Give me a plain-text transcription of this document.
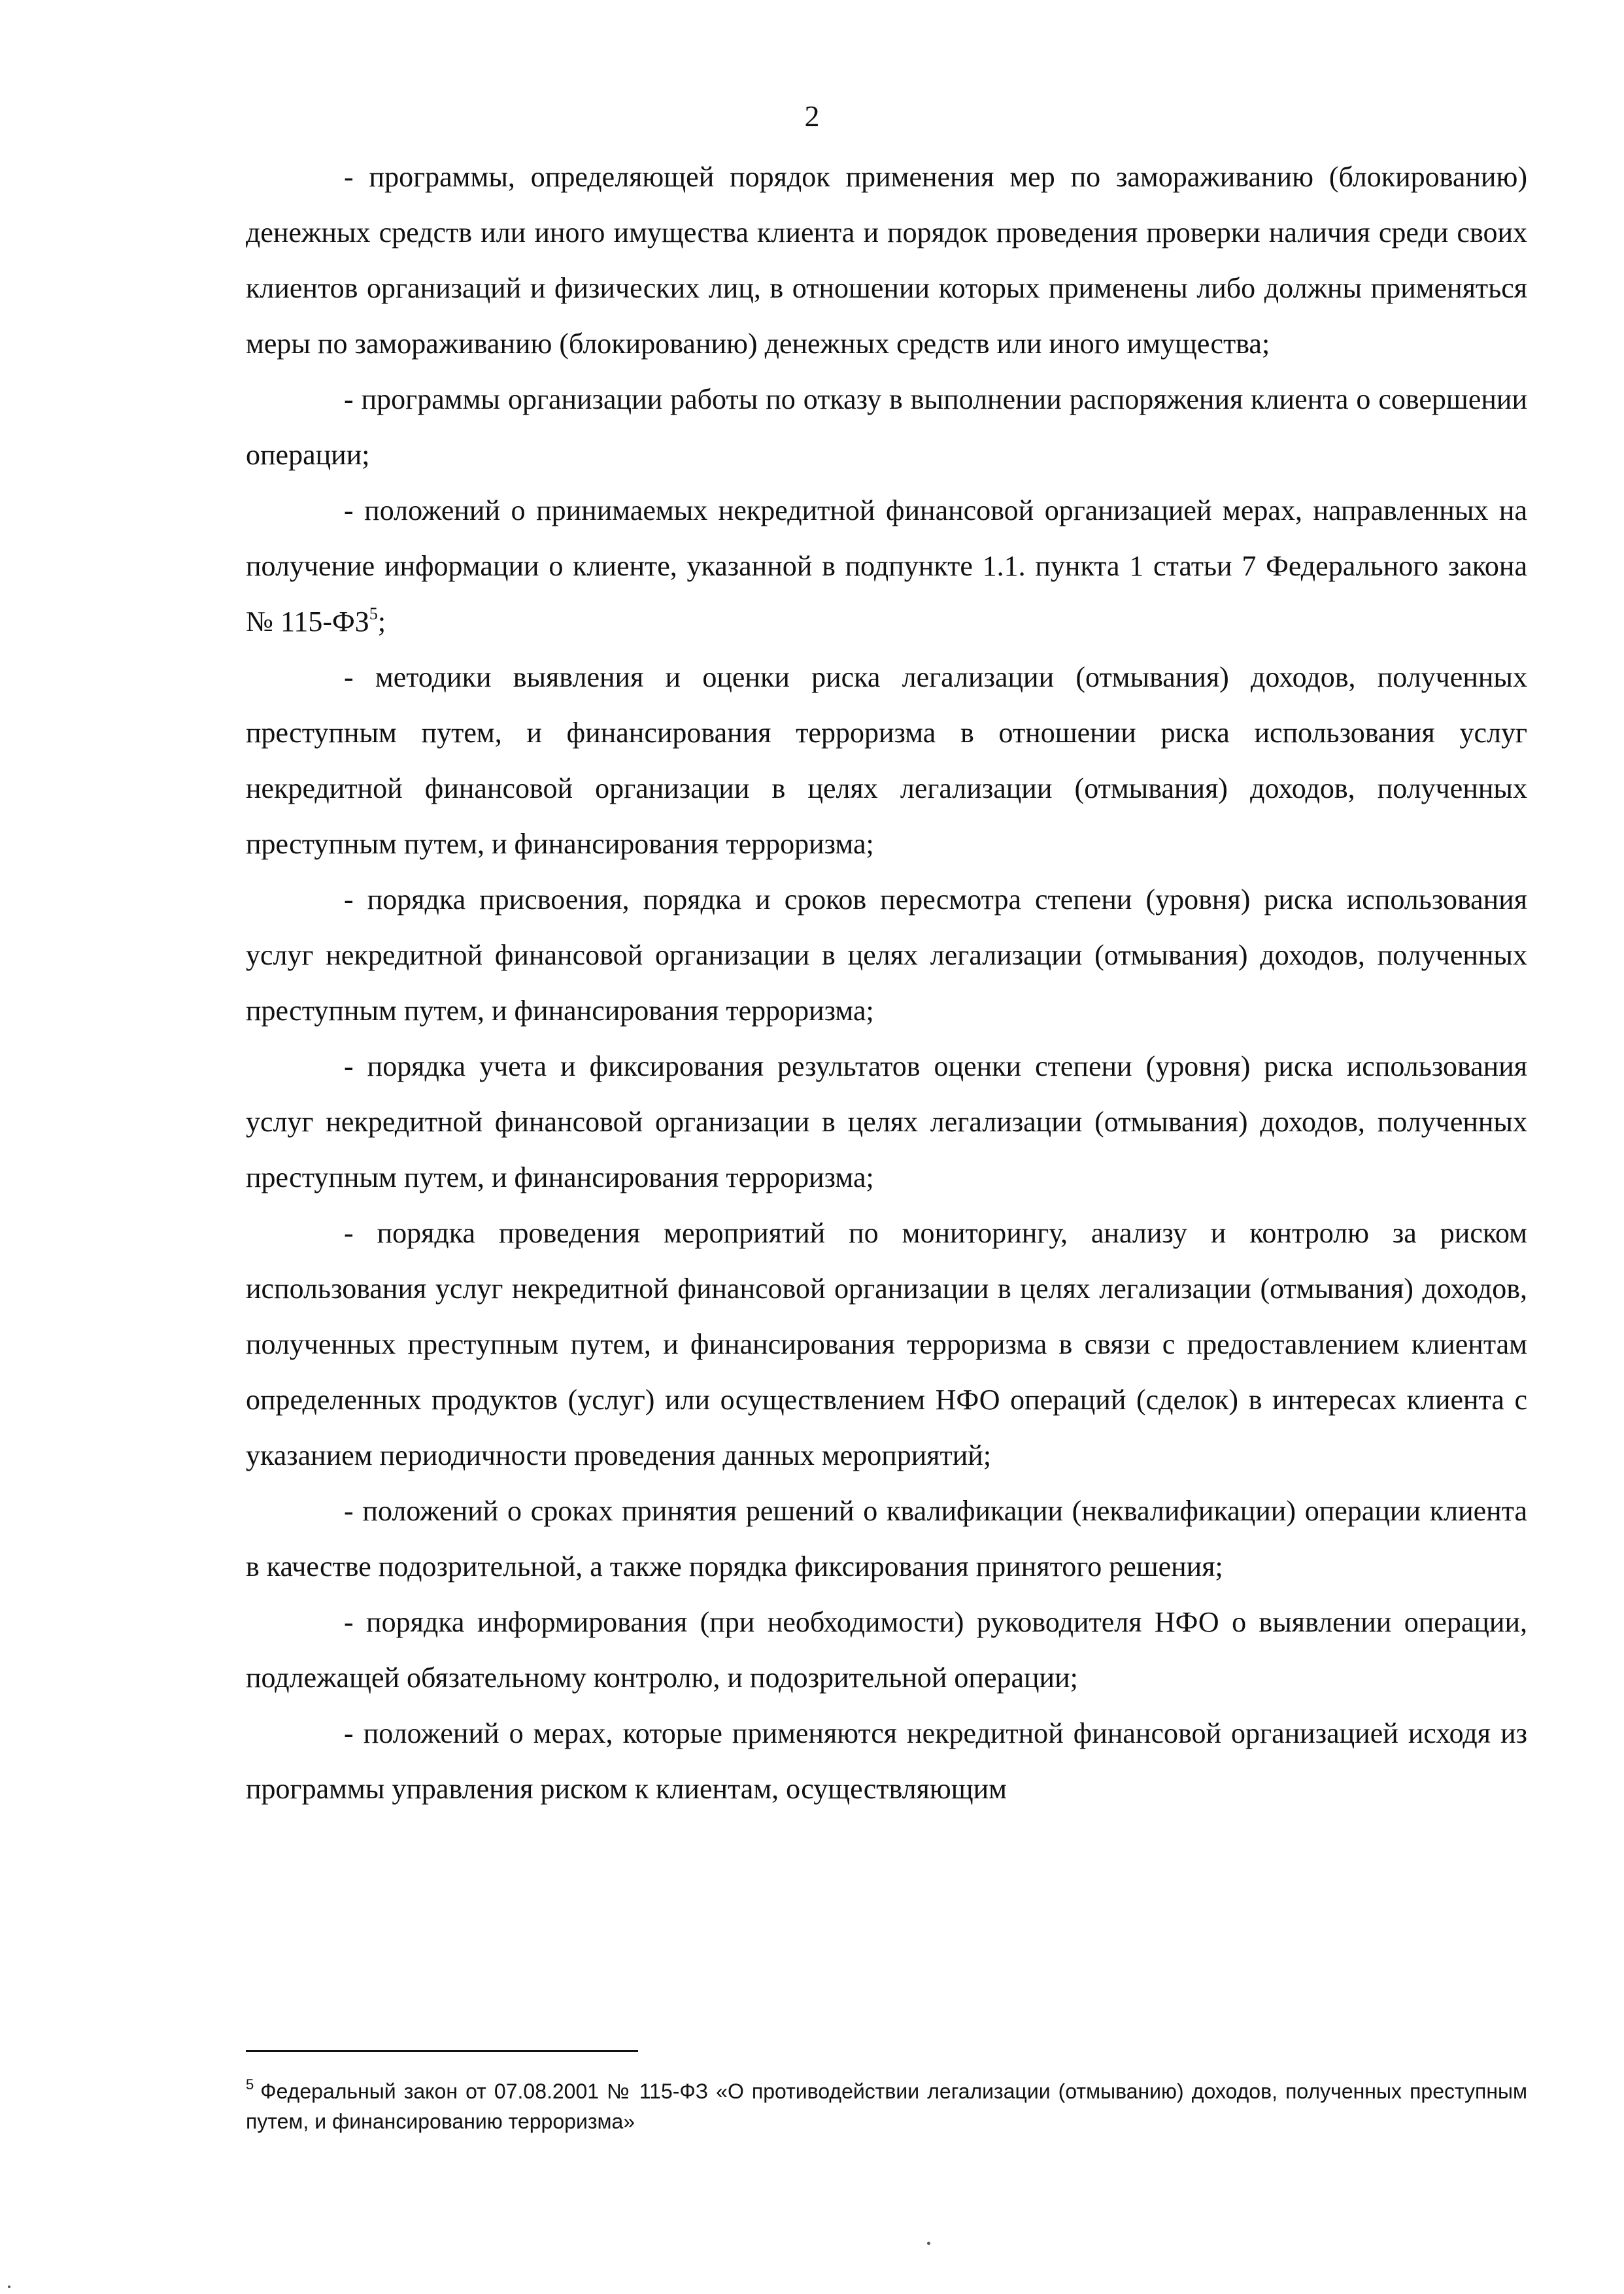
2

- программы, определяющей порядок применения мер по замораживанию (блокированию) денежных средств или иного имущества клиента и порядок проведения проверки наличия среди своих клиентов организаций и физических лиц, в отношении которых применены либо должны применяться меры по замораживанию (блокированию) денежных средств или иного имущества;

- программы организации работы по отказу в выполнении распоряжения клиента о совершении операции;

- положений о принимаемых некредитной финансовой организацией мерах, направленных на получение информации о клиенте, указанной в подпункте 1.1. пункта 1 статьи 7 Федерального закона № $115-ФЗ^5$;

- методики выявления и оценки риска легализации (отмывания) доходов, полученных преступным путем, и финансирования терроризма в отношении риска использования услуг некредитной финансовой организации в целях легализации (отмывания) доходов, полученных преступным путем, и финансирования терроризма;

- порядка присвоения, порядка и сроков пересмотра степени (уровня) риска использования услуг некредитной финансовой организации в целях легализации (отмывания) доходов, полученных преступным путем, и финансирования терроризма;

- порядка учета и фиксирования результатов оценки степени (уровня) риска использования услуг некредитной финансовой организации в целях легализации (отмывания) доходов, полученных преступным путем, и финансирования терроризма;

- порядка проведения мероприятий по мониторингу, анализу и контролю за риском использования услуг некредитной финансовой организации в целях легализации (отмывания) доходов, полученных преступным путем, и финансирования терроризма в связи с предоставлением клиентам определенных продуктов (услуг) или осуществлением НФО операций (сделок) в интересах клиента с указанием периодичности проведения данных мероприятий;

- положений о сроках принятия решений о квалификации (неквалификации) операции клиента в качестве подозрительной, а также порядка фиксирования принятого решения;

- порядка информирования (при необходимости) руководителя НФО о выявлении операции, подлежащей обязательному контролю, и подозрительной операции;

- положений о мерах, которые применяются некредитной финансовой организацией исходя из программы управления риском к клиентам, осуществляющим

$^5$ Федеральный закон от 07.08.2001 № 115-ФЗ «О противодействии легализации (отмыванию) доходов, полученных преступным путем, и финансированию терроризма»
